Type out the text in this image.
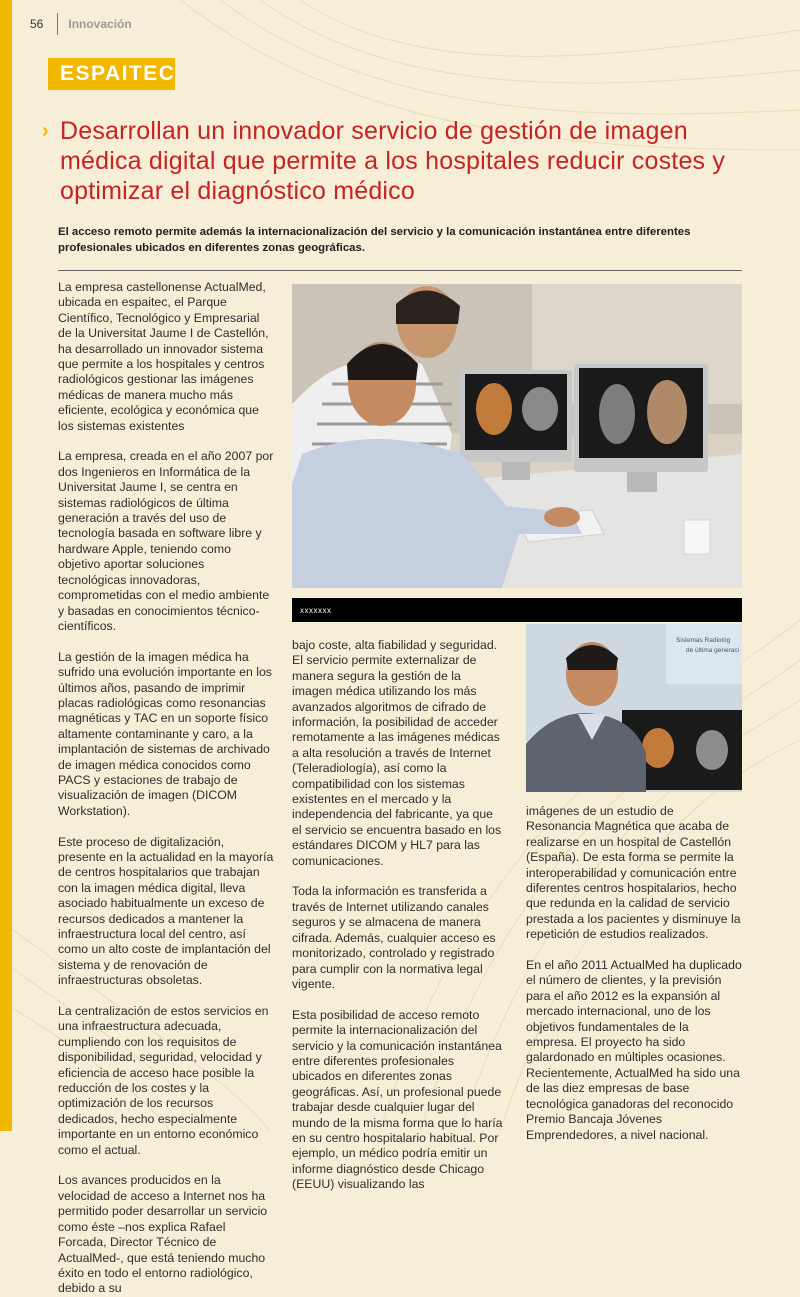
56 Innovación
ESPAITEC
› Desarrollan un innovador servicio de gestión de imagen médica digital que permite a los hospitales reducir costes y optimizar el diagnóstico médico

El acceso remoto permite además la internacionalización del servicio y la comunicación instantánea entre diferentes profesionales ubicados en diferentes zonas geográficas.

La empresa castellonense ActualMed, ubicada en espaitec, el Parque Científico, Tecnológico y Empresarial de la Universitat Jaume I de Castellón, ha desarrollado un innovador sistema que permite a los hospitales y centros radiológicos gestionar las imágenes médicas de manera mucho más eficiente, ecológica y económica que los sistemas existentes

La empresa, creada en el año 2007 por dos Ingenieros en Informática de la Universitat Jaume I, se centra en sistemas radiológicos de última generación a través del uso de tecnología basada en software libre y hardware Apple, teniendo como objetivo aportar soluciones tecnológicas innovadoras, comprometidas con el medio ambiente y basadas en conocimientos técnico-científicos.

La gestión de la imagen médica ha sufrido una evolución importante en los últimos años, pasando de imprimir placas radiológicas como resonancias magnéticas y TAC en un soporte físico altamente contaminante y caro, a la implantación de sistemas de archivado de imagen médica conocidos como PACS y estaciones de trabajo de visualización de imagen (DICOM Workstation).

Este proceso de digitalización, presente en la actualidad en la mayoría de centros hospitalarios que trabajan con la imagen médica digital, lleva asociado habitualmente un exceso de recursos dedicados a mantener la infraestructura local del centro, así como un alto coste de implantación del sistema y de renovación de infraestructuras obsoletas.

La centralización de estos servicios en una infraestructura adecuada, cumpliendo con los requisitos de disponibilidad, seguridad, velocidad y eficiencia de acceso hace posible la reducción de los costes y la optimización de los recursos dedicados, hecho especialmente importante en un entorno económico como el actual.

Los avances producidos en la velocidad de acceso a Internet nos ha permitido poder desarrollar un servicio como éste –nos explica Rafael Forcada, Director Técnico de ActualMed-, que está teniendo mucho éxito en todo el entorno radiológico, debido a su

xxxxxxx

bajo coste, alta fiabilidad y seguridad. El servicio permite externalizar de manera segura la gestión de la imagen médica utilizando los más avanzados algoritmos de cifrado de información, la posibilidad de acceder remotamente a las imágenes médicas a alta resolución a través de Internet (Teleradiología), así como la compatibilidad con los sistemas existentes en el mercado y la independencia del fabricante, ya que el servicio se encuentra basado en los estándares DICOM y HL7 para las comunicaciones.

Toda la información es transferida a través de Internet utilizando canales seguros y se almacena de manera cifrada. Además, cualquier acceso es monitorizado, controlado y registrado para cumplir con la normativa legal vigente.

Esta posibilidad de acceso remoto permite la internacionalización del servicio y la comunicación instantánea entre diferentes profesionales ubicados en diferentes zonas geográficas. Así, un profesional puede trabajar desde cualquier lugar del mundo de la misma forma que lo haría en su centro hospitalario habitual. Por ejemplo, un médico podría emitir un informe diagnóstico desde Chicago (EEUU) visualizando las

Sistemas Radiológ
de última generaci

imágenes de un estudio de Resonancia Magnética que acaba de realizarse en un hospital de Castellón (España). De esta forma se permite la interoperabilidad y comunicación entre diferentes centros hospitalarios, hecho que redunda en la calidad de servicio prestada a los pacientes y disminuye la repetición de estudios realizados.

En el año 2011 ActualMed ha duplicado el número de clientes, y la previsión para el año 2012 es la expansión al mercado internacional, uno de los objetivos fundamentales de la empresa. El proyecto ha sido galardonado en múltiples ocasiones. Recientemente, ActualMed ha sido una de las diez empresas de base tecnológica ganadoras del reconocido Premio Bancaja Jóvenes Emprendedores, a nivel nacional.
